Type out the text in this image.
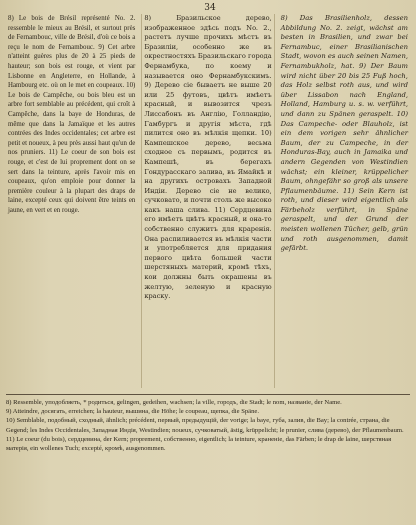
34
8) Le bois de Brésil représenté No. 2. ressemble le mieux au Brésil, et surtout près de Fernambouc, ville de Brésil, d'où ce bois a reçu le nom de Fernambouc. 9) Cet arbre n'atteint guères plus de 20 à 25 pieds de hauteur; son bois est rouge, et vient par Lisbonne en Angleterre, en Hollande, à Hambourg etc. où on le met en coupeaux. 10) Le bois de Campêche, ou bois bleu est un arbre fort semblable au précédent, qui croît à Campêche, dans la baye de Honduras, de même que dans la Jamaïque et les autres contrées des Indes occidentales; cet arbre est petit et noueux, à peu près aussi haut qu'un de nos pruniers. 11) Le coeur de son bois est rouge, et c'est de lui proprement dont on se sert dans la teinture, après l'avoir mis en coupeaux, qu'on emploie pour donner la première couleur à la plupart des draps de laine, excepté ceux qui doivent être teints en jaune, en vert et en rouge.
8) Бразильское дерево, изображенное здѣсь подъ No. 2., растетъ лучше прочихъ мѣстъ въ Бразиліи, особенно же въ окрестностяхъ Бразильскаго города Фернамбука, по коему и называется оно Фернамбукскимъ. 9) Дерево сіе бываетъ не выше 20 или 25 футовъ, цвѣтъ имѣетъ красный, и вывозится чрезъ Лиссабонъ въ Англію, Голландію, Гамбургъ и другія мѣста, гдѣ пилится оно въ мѣлкія щепки. 10) Кампешское дерево, весьма сходное съ первымъ, родится въ Кампешѣ, въ берегахъ Гондурасскаго залива, въ Ямайкѣ и на другихъ островахъ Западной Индіи. Дерево сіе не велико, сучковато, и почти столь же высоко какъ наша слива. 11) Сердцевина его имѣетъ цвѣтъ красный, и она-то собственно служитъ для краренія. Она распиливается въ мѣлкія части и употребляется для придания первого цвѣта большей части шерстяныхъ материй, кромѣ тѣхъ, кои должны быть окрашены въ желтую, зеленую и красную краску.
8) Das Brasilienholz, dessen Abbildung No. 2. zeigt, wächst am besten in Brasilien, und zwar bei Fernambuc, einer Brasilianischen Stadt, wovon es auch seinen Namen, Fernambukholz, hat. 9) Der Baum wird nicht über 20 bis 25 Fuß hoch, das Holz selbst roth aus, und wird über Lissabon nach England, Holland, Hamburg u. s. w. verführt, und dann zu Spänen geraspelt. 10) Das Campeche- oder Blauholz, ist ein dem vorigen sehr ähnlicher Baum, der zu Campeche, in der Honduras-Bay, auch in Jamaika und andern Gegenden von Westindien wächst; ein kleiner, krüppelicher Baum, ohngefähr so groß als unsere Pflaumenbäume. 11) Sein Kern ist roth, und dieser wird eigentlich als Färbeholz verführt, in Späne geraspelt, und der Grund der meisten wollenen Tücher, gelb, grün und roth ausgenommen, damit gefärbt.

8) Ressemble, уподобляеть, * родиться, gelingen, gedeihen, wachsen; la ville, городъ, die Stadt; le nom, названіе, der Name.

9) Atteindre, досягать, erreichen; la hauteur, вышина, die Höhe; le coupeau, щепка, die Späne.

10) Semblable, подобный, сходный, ähnlich; précédent, первый, предыдущій, der vorige; la baye, губа, залив, die Bay; la contrée, страна, die Gegend; les Indes Occidentales, Западная Индія, Westindien; noueux, сучковатый, ästig, krüppelicht; le prunier, слива (дерево), der Pflaumenbaum.

11) Le coeur (du bois), сердцевина, der Kern; proprement, собственно, eigentlich; la teinture, краненіе, das Färben; le drap de laine, шерстяная матерія, ein wollenes Tuch; excepté, кромѣ, ausgenommen.
